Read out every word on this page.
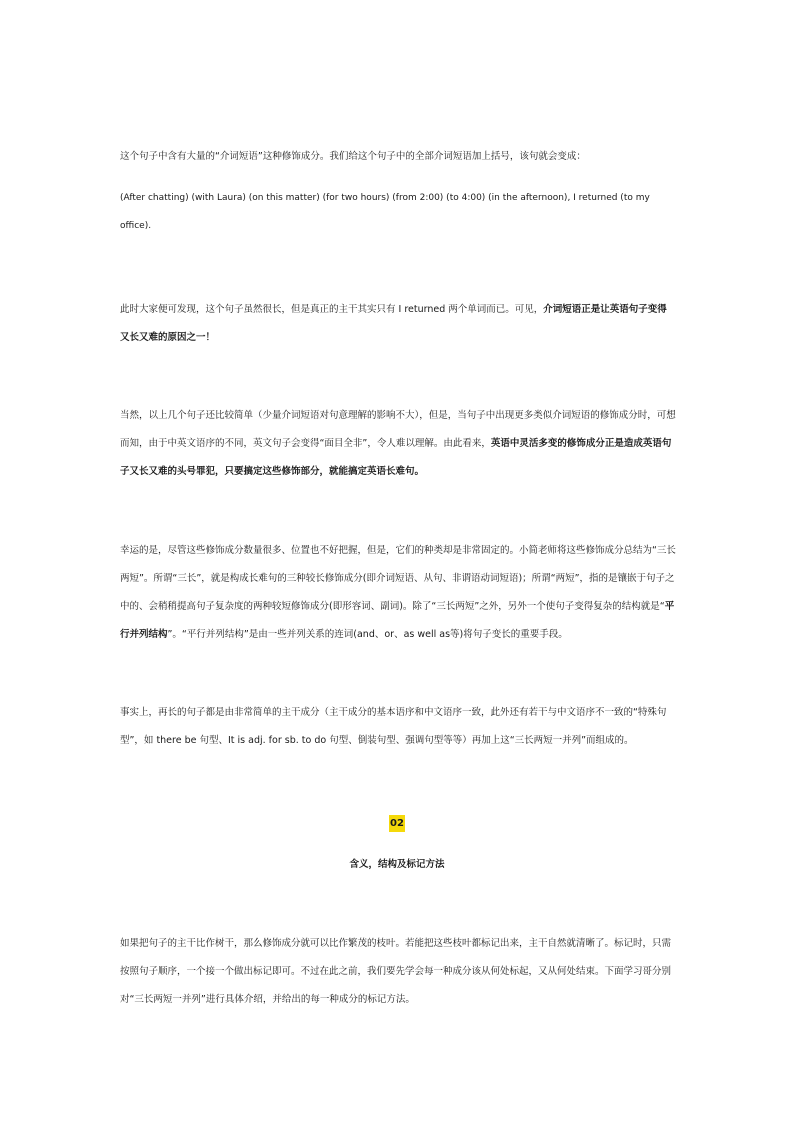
这个句子中含有大量的“介词短语”这种修饰成分。我们给这个句子中的全部介词短语加上括号，该句就会变成：

(After chatting) (with Laura) (on this matter) (for two hours) (from 2:00) (to 4:00) (in the afternoon), I returned (to my office).

此时大家便可发现，这个句子虽然很长，但是真正的主干其实只有 I returned 两个单词而已。可见，介词短语正是让英语句子变得又长又难的原因之一！

当然，以上几个句子还比较简单（少量介词短语对句意理解的影响不大），但是，当句子中出现更多类似介词短语的修饰成分时，可想而知，由于中英文语序的不同，英文句子会变得“面目全非”，令人难以理解。由此看来，英语中灵活多变的修饰成分正是造成英语句子又长又难的头号罪犯，只要搞定这些修饰部分，就能搞定英语长难句。

幸运的是，尽管这些修饰成分数量很多、位置也不好把握，但是，它们的种类却是非常固定的。小简老师将这些修饰成分总结为“三长两短”。所谓“三长”，就是构成长难句的三种较长修饰成分(即介词短语、从句、非谓语动词短语)；所谓“两短”，指的是镶嵌于句子之中的、会稍稍提高句子复杂度的两种较短修饰成分(即形容词、副词)。除了“三长两短”之外，另外一个使句子变得复杂的结构就是“平行并列结构”。“平行并列结构”是由一些并列关系的连词(and、or、as well as等)将句子变长的重要手段。

事实上，再长的句子都是由非常简单的主干成分（主干成分的基本语序和中文语序一致，此外还有若干与中文语序不一致的“特殊句型”，如 there be 句型、It is adj. for sb. to do 句型、倒装句型、强调句型等等）再加上这“三长两短一并列”而组成的。

02
含义，结构及标记方法

如果把句子的主干比作树干，那么修饰成分就可以比作繁茂的枝叶。若能把这些枝叶都标记出来，主干自然就清晰了。标记时，只需按照句子顺序，一个接一个做出标记即可。不过在此之前，我们要先学会每一种成分该从何处标起，又从何处结束。下面学习哥分别对“三长两短一并列”进行具体介绍，并给出的每一种成分的标记方法。
